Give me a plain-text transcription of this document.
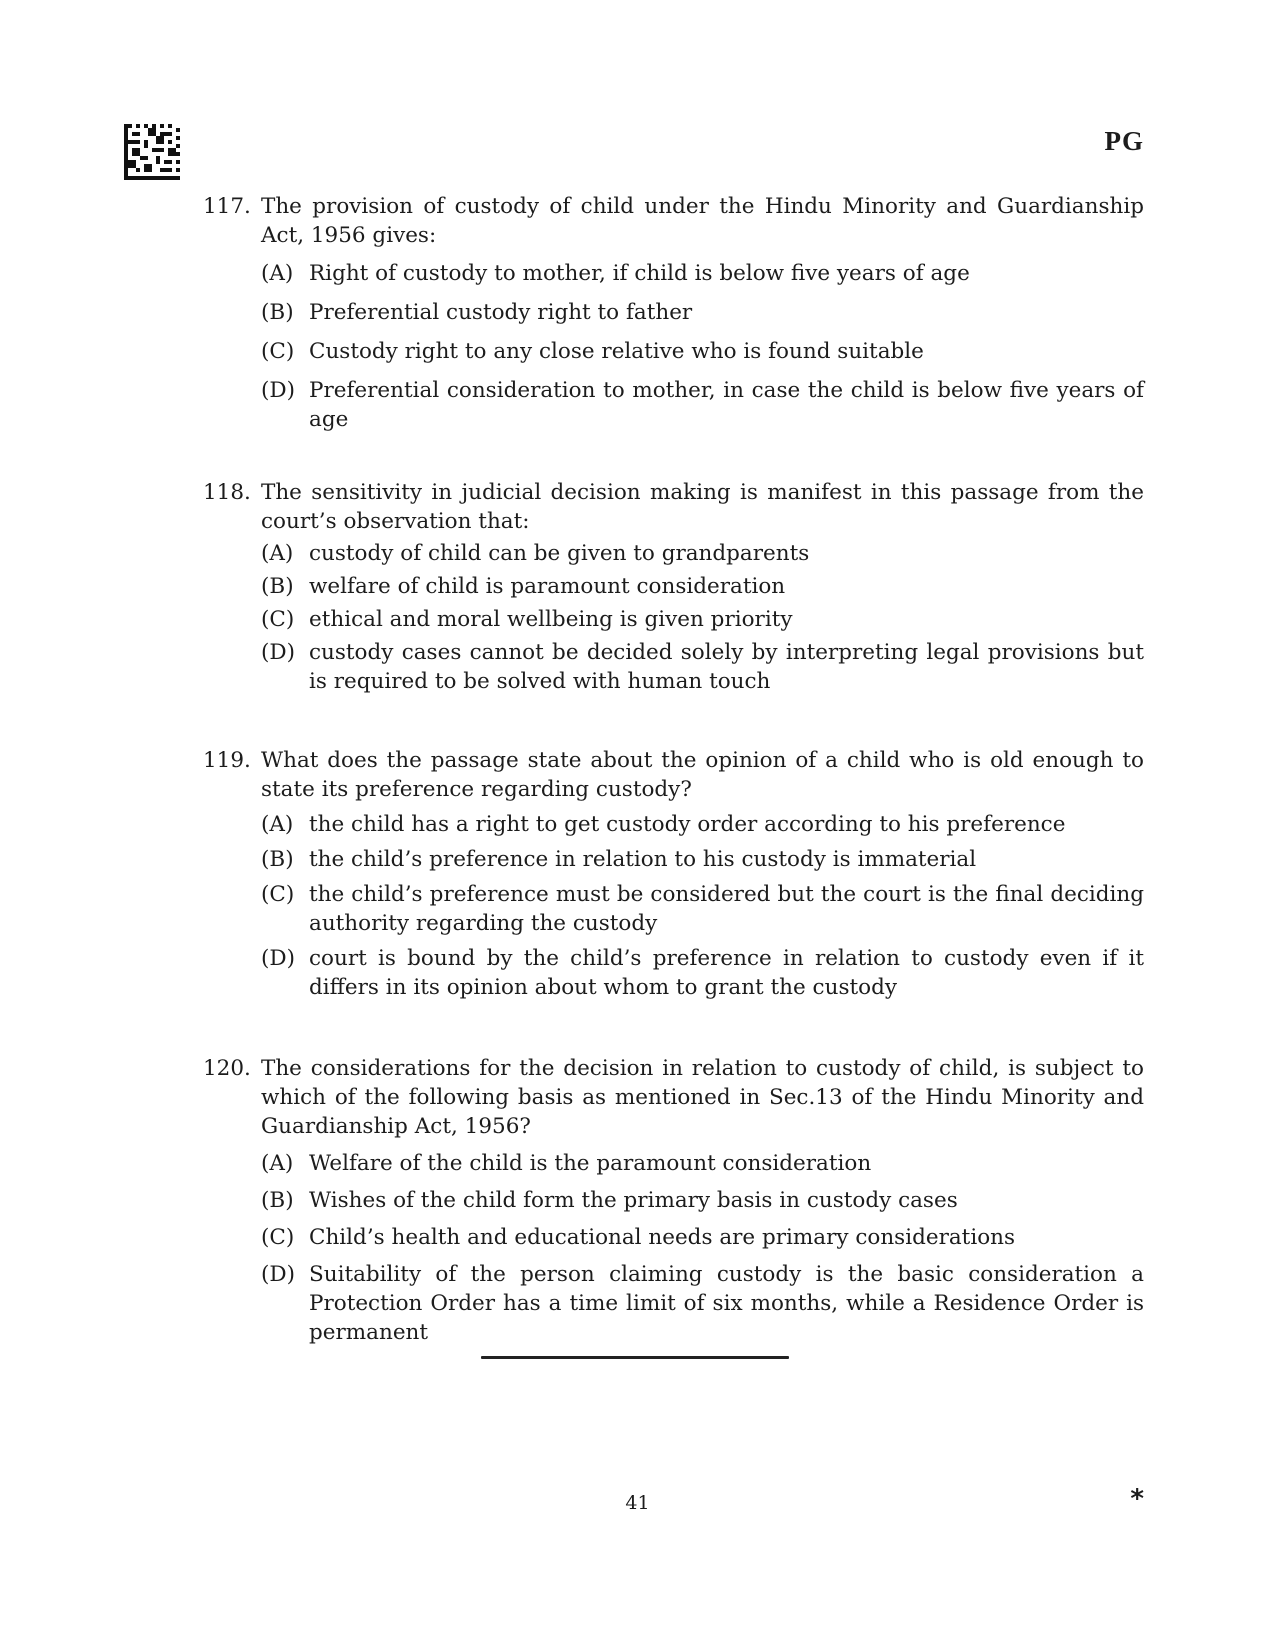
PG
117. The provision of custody of child under the Hindu Minority and Guardianship Act, 1956 gives:
(A) Right of custody to mother, if child is below five years of age
(B) Preferential custody right to father
(C) Custody right to any close relative who is found suitable
(D) Preferential consideration to mother, in case the child is below five years of age
118. The sensitivity in judicial decision making is manifest in this passage from the court’s observation that:
(A) custody of child can be given to grandparents
(B) welfare of child is paramount consideration
(C) ethical and moral wellbeing is given priority
(D) custody cases cannot be decided solely by interpreting legal provisions but is required to be solved with human touch
119. What does the passage state about the opinion of a child who is old enough to state its preference regarding custody?
(A) the child has a right to get custody order according to his preference
(B) the child’s preference in relation to his custody is immaterial
(C) the child’s preference must be considered but the court is the final deciding authority regarding the custody
(D) court is bound by the child’s preference in relation to custody even if it differs in its opinion about whom to grant the custody
120. The considerations for the decision in relation to custody of child, is subject to which of the following basis as mentioned in Sec.13 of the Hindu Minority and Guardianship Act, 1956?
(A) Welfare of the child is the paramount consideration
(B) Wishes of the child form the primary basis in custody cases
(C) Child’s health and educational needs are primary considerations
(D) Suitability of the person claiming custody is the basic consideration a Protection Order has a time limit of six months, while a Residence Order is permanent
41	*
